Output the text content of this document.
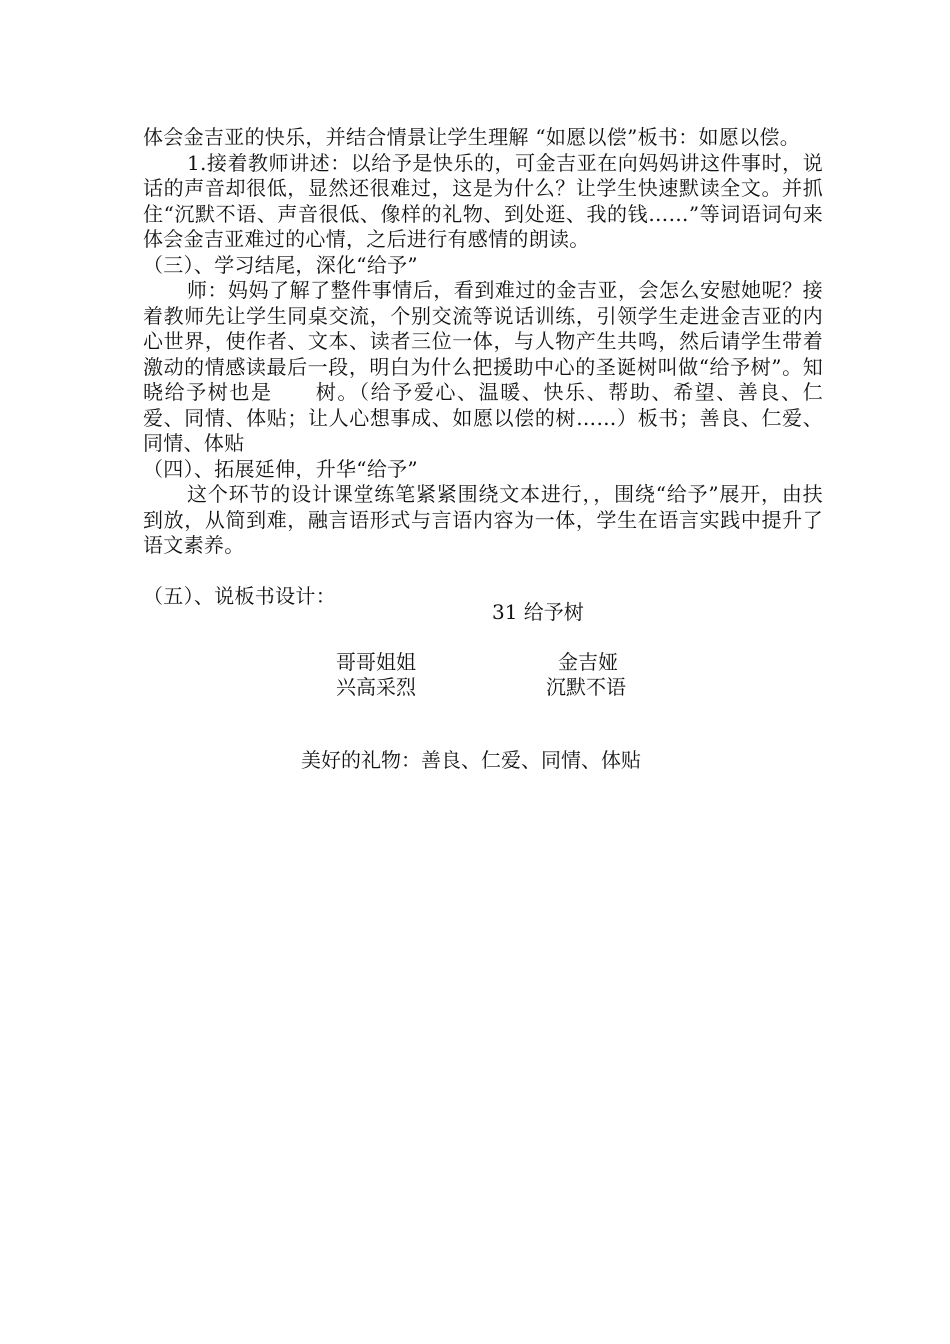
体会金吉亚的快乐，并结合情景让学生理解 “如愿以偿”板书：如愿以偿。

1.接着教师讲述：以给予是快乐的，可金吉亚在向妈妈讲这件事时，说话的声音却很低，显然还很难过，这是为什么？让学生快速默读全文。并抓住“沉默不语、声音很低、像样的礼物、到处逛、我的钱……”等词语词句来体会金吉亚难过的心情，之后进行有感情的朗读。

（三）、学习结尾，深化“给予”

师：妈妈了解了整件事情后，看到难过的金吉亚，会怎么安慰她呢？接着教师先让学生同桌交流，个别交流等说话训练，引领学生走进金吉亚的内心世界，使作者、文本、读者三位一体，与人物产生共鸣，然后请学生带着激动的情感读最后一段，明白为什么把援助中心的圣诞树叫做“给予树”。知晓给予树也是　　树。（给予爱心、温暖、快乐、帮助、希望、善良、仁爱、同情、体贴；让人心想事成、如愿以偿的树……）板书；善良、仁爱、同情、体贴

（四）、拓展延伸，升华“给予”

这个环节的设计课堂练笔紧紧围绕文本进行，，围绕“给予”展开，由扶到放，从简到难，融言语形式与言语内容为一体，学生在语言实践中提升了语文素养。

（五）、说板书设计：

31 给予树
哥哥姐姐
兴高采烈
金吉娅
沉默不语
美好的礼物：善良、仁爱、同情、体贴
